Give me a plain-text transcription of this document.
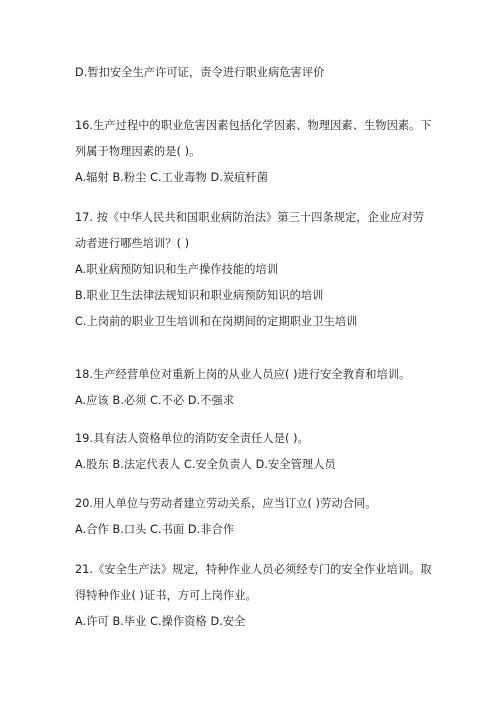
D.暂扣安全生产许可证，责令进行职业病危害评价
16.生产过程中的职业危害因素包括化学因素、物理因素、生物因素。下
列属于物理因素的是( )。
A.辐射 B.粉尘 C.工业毒物 D.炭疽杆菌
17. 按《中华人民共和国职业病防治法》第三十四条规定，企业应对劳
动者进行哪些培训？( )
A.职业病预防知识和生产操作技能的培训
B.职业卫生法律法规知识和职业病预防知识的培训
C.上岗前的职业卫生培训和在岗期间的定期职业卫生培训
18.生产经营单位对重新上岗的从业人员应( )进行安全教育和培训。
A.应该 B.必须 C.不必 D.不强求
19.具有法人资格单位的消防安全责任人是( )。
A.股东 B.法定代表人 C.安全负责人 D.安全管理人员
20.用人单位与劳动者建立劳动关系，应当订立( )劳动合同。
A.合作 B.口头 C.书面 D.非合作
21.《安全生产法》规定，特种作业人员必须经专门的安全作业培训。取
得特种作业( )证书，方可上岗作业。
A.许可 B.毕业 C.操作资格 D.安全
